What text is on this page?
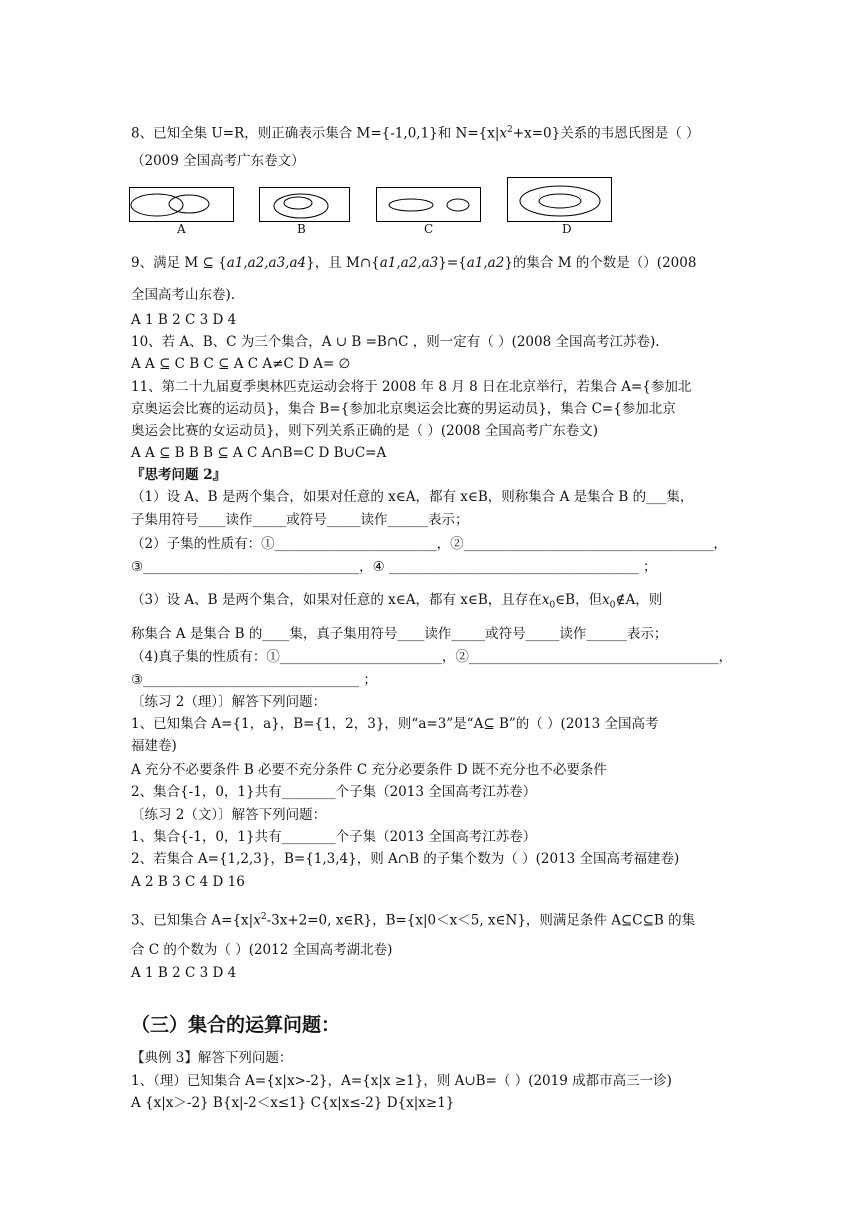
8、已知全集 U=R，则正确表示集合 M={-1,0,1}和 $N=\{x|x^2+x=0\}$关系的韦恩氏图是（ ）
（2009 全国高考广东卷文）
A	B	C	D
9、满足 M ⊆ {a1,a2,a3,a4}，且 M∩{a1,a2,a3}={a1,a2}的集合 M 的个数是（）(2008
全国高考山东卷).
A 1 B 2 C 3 D 4
10、若 A、B、C 为三个集合，A ∪ B =B∩C ，则一定有（ ）(2008 全国高考江苏卷).
A A ⊆ C B C ⊆ A C A≠C D A= ∅
11、第二十九届夏季奥林匹克运动会将于 2008 年 8 月 8 日在北京举行，若集合 A={参加北
京奥运会比赛的运动员}，集合 B={参加北京奥运会比赛的男运动员}，集合 C={参加北京
奥运会比赛的女运动员}，则下列关系正确的是（ ）(2008 全国高考广东卷文)
A A ⊆ B B B ⊆ A C A∩B=C D B∪C=A
『思考问题 2』
（1）设 A、B 是两个集合，如果对任意的 x∈A，都有 x∈B，则称集合 A 是集合 B 的___集，
子集用符号____读作_____或符号_____读作______表示；
（2）子集的性质有：①________________________，②_____________________________________，
③________________________________，④ _____________________________________ ；
（3）设 A、B 是两个集合，如果对任意的 x∈A，都有 x∈B，且存在$x_0\in B$，但$x_0\notin A$，则
称集合 A 是集合 B 的____集，真子集用符号____读作_____或符号_____读作______表示；
（4)真子集的性质有：①________________________，②_____________________________________，
③________________________________ ；
〔练习 2（理）〕解答下列问题：
1、已知集合 A={1，a}，B={1，2，3}，则“a=3”是“A⊆ B”的（ ）(2013 全国高考
福建卷)
A 充分不必要条件 B 必要不充分条件 C 充分必要条件 D 既不充分也不必要条件
2、集合{-1，0，1}共有________个子集（2013 全国高考江苏卷）
〔练习 2（文）〕解答下列问题：
1、集合{-1，0，1}共有________个子集（2013 全国高考江苏卷）
2、若集合 A={1,2,3}，B={1,3,4}，则 A∩B 的子集个数为（ ）(2013 全国高考福建卷)
A 2 B 3 C 4 D 16
3、已知集合 $A=\{x|x^2-3x+2=0$, x∈R}，B={x|0＜x＜5, x∈N}，则满足条件 A⊆C⊆B 的集
合 C 的个数为（ ）(2012 全国高考湖北卷)
A 1 B 2 C 3 D 4
（三）集合的运算问题：
【典例 3】解答下列问题：
1、（理）已知集合 A={x|x>-2}，A={x|x ≥1}，则 A∪B=（ ）(2019 成都市高三一诊)
A {x|x＞-2} B{x|-2＜x≤1} C{x|x≤-2} D{x|x≥1}
